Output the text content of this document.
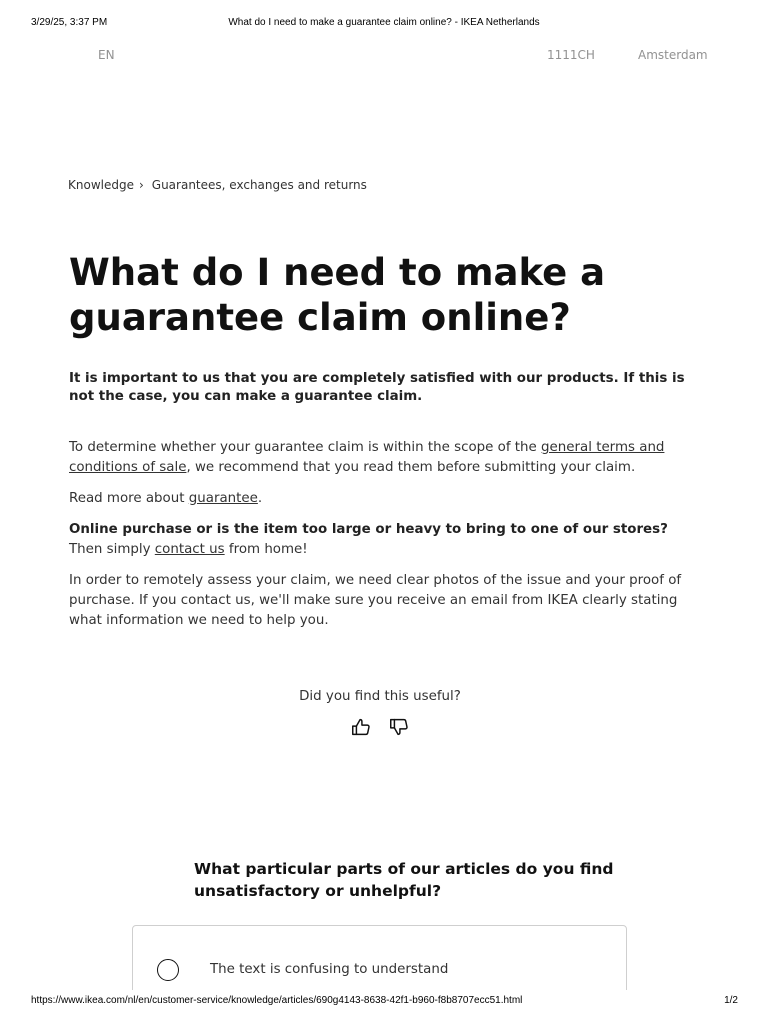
3/29/25, 3:37 PM	What do I need to make a guarantee claim online? - IKEA Netherlands
EN	1111CH	Amsterdam
Knowledge › Guarantees, exchanges and returns
What do I need to make a guarantee claim online?

It is important to us that you are completely satisfied with our products. If this is not the case, you can make a guarantee claim.

To determine whether your guarantee claim is within the scope of the general terms and conditions of sale, we recommend that you read them before submitting your claim.

Read more about guarantee.

Online purchase or is the item too large or heavy to bring to one of our stores?
Then simply contact us from home!

In order to remotely assess your claim, we need clear photos of the issue and your proof of purchase. If you contact us, we'll make sure you receive an email from IKEA clearly stating what information we need to help you.

Did you find this useful?
What particular parts of our articles do you find unsatisfactory or unhelpful?
The text is confusing to understand
https://www.ikea.com/nl/en/customer-service/knowledge/articles/690g4143-8638-42f1-b960-f8b8707ecc51.html	1/2
